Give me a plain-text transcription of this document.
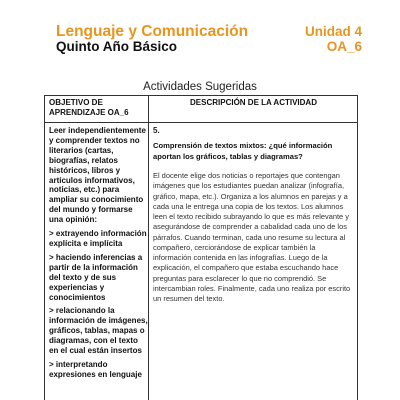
Lenguaje y Comunicación
Quinto Año Básico
Unidad 4
OA_6
Actividades Sugeridas
OBJETIVO DE APRENDIZAJE OA_6
DESCRIPCIÓN DE LA ACTIVIDAD

Leer independientemente y comprender textos no literarios (cartas, biografías, relatos históricos, libros y artículos informativos, noticias, etc.) para ampliar su conocimiento del mundo y formarse una opinión:

> extrayendo información explícita e implícita

> haciendo inferencias a partir de la información del texto y de sus experiencias y conocimientos

> relacionando la información de imágenes, gráficos, tablas, mapas o diagramas, con el texto en el cual están insertos

> interpretando expresiones en lenguaje

5.

Comprensión de textos mixtos: ¿qué información aportan los gráficos, tablas y diagramas?

El docente elige dos noticias o reportajes que contengan imágenes que los estudiantes puedan analizar (infografía, gráfico, mapa, etc.). Organiza a los alumnos en parejas y a cada una le entrega una copia de los textos. Los alumnos leen el texto recibido subrayando lo que es más relevante y asegurándose de comprender a cabalidad cada uno de los párrafos. Cuando terminan, cada uno resume su lectura al compañero, cerciorándose de explicar también la información contenida en las infografías. Luego de la explicación, el compañero que estaba escuchando hace preguntas para esclarecer lo que no comprendió. Se intercambian roles. Finalmente, cada uno realiza por escrito un resumen del texto.
